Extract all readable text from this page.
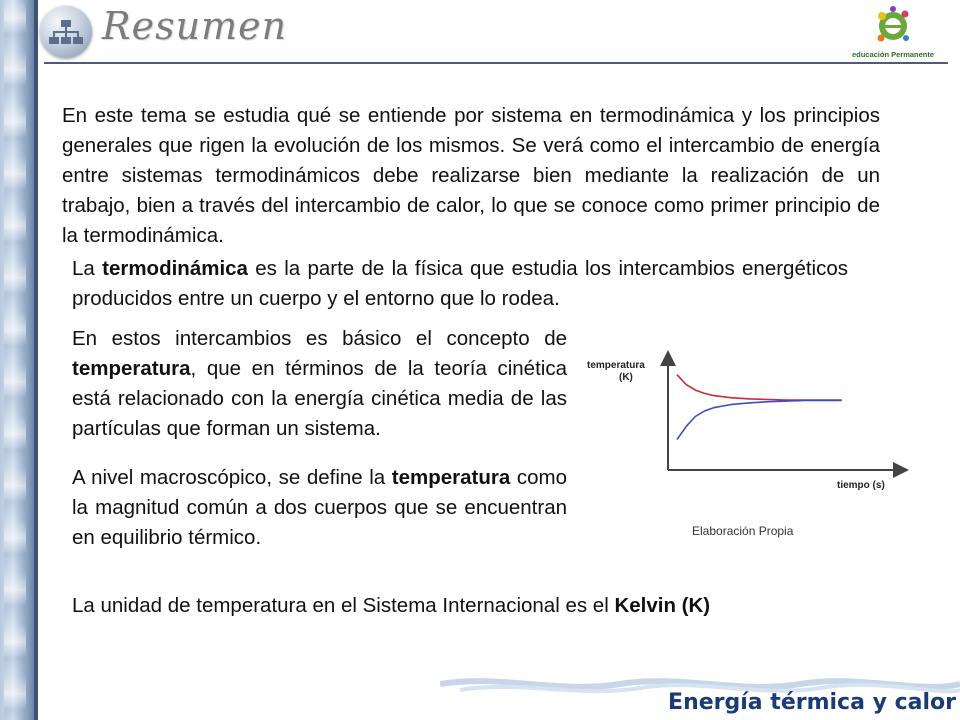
Resumen
educación Permanente

En este tema se estudia qué se entiende por sistema en termodinámica y los principios generales que rigen la evolución de los mismos. Se verá como el intercambio de energía entre sistemas termodinámicos debe realizarse bien mediante la realización de un trabajo, bien a través del intercambio de calor, lo que se conoce como primer principio de la termodinámica.

La termodinámica es la parte de la física que estudia los intercambios energéticos producidos entre un cuerpo y el entorno que lo rodea.

En estos intercambios es básico el concepto de temperatura, que en términos de la teoría cinética está relacionado con la energía cinética media de las partículas que forman un sistema.

A nivel macroscópico, se define la temperatura como la magnitud común a dos cuerpos que se encuentran en equilibrio térmico.

La unidad de temperatura en el Sistema Internacional es el Kelvin (K)

temperatura
(K)
tiempo (s)
Elaboración Propia
Energía térmica y calor
